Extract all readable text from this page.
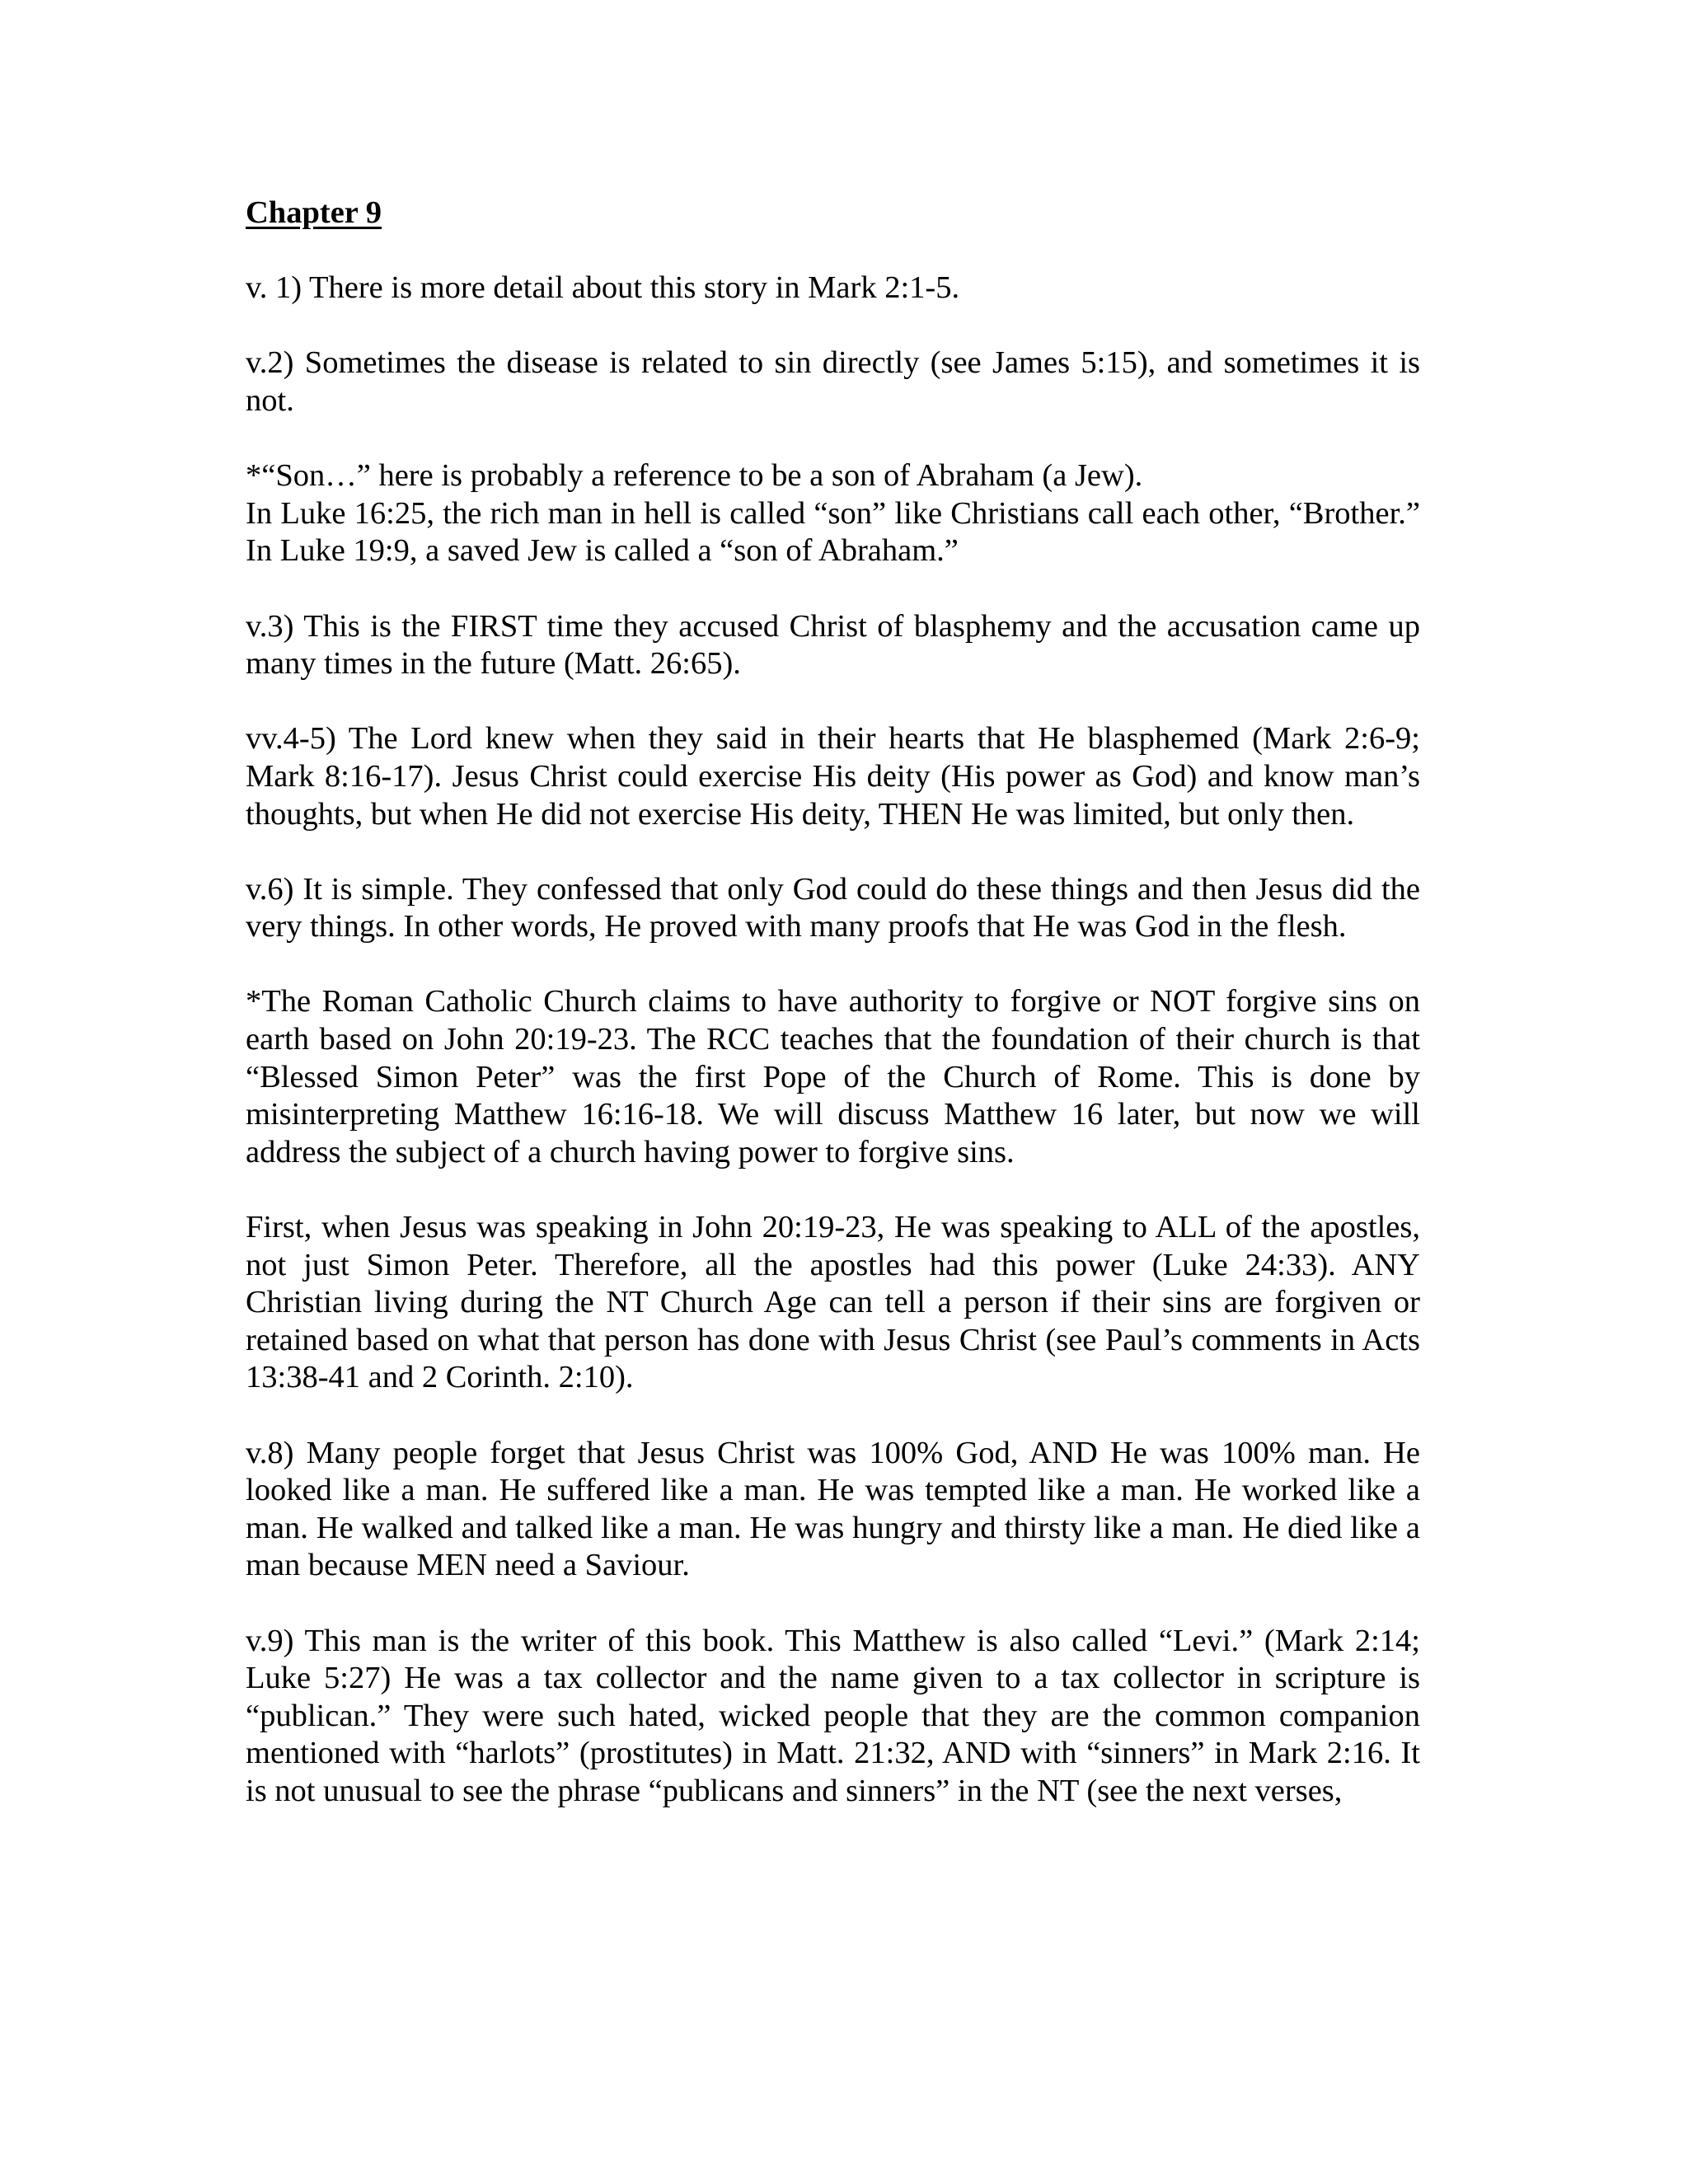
Chapter 9

v. 1) There is more detail about this story in Mark 2:1-5.

v.2) Sometimes the disease is related to sin directly (see James 5:15), and sometimes it is not.

*“Son…” here is probably a reference to be a son of Abraham (a Jew).

In Luke 16:25, the rich man in hell is called “son” like Christians call each other, “Brother.” In Luke 19:9, a saved Jew is called a “son of Abraham.”

v.3) This is the FIRST time they accused Christ of blasphemy and the accusation came up many times in the future (Matt. 26:65).

vv.4-5) The Lord knew when they said in their hearts that He blasphemed (Mark 2:6-9; Mark 8:16-17). Jesus Christ could exercise His deity (His power as God) and know man’s thoughts, but when He did not exercise His deity, THEN He was limited, but only then.

v.6) It is simple. They confessed that only God could do these things and then Jesus did the very things. In other words, He proved with many proofs that He was God in the flesh.

*The Roman Catholic Church claims to have authority to forgive or NOT forgive sins on earth based on John 20:19-23. The RCC teaches that the foundation of their church is that “Blessed Simon Peter” was the first Pope of the Church of Rome. This is done by misinterpreting Matthew 16:16-18. We will discuss Matthew 16 later, but now we will address the subject of a church having power to forgive sins.

First, when Jesus was speaking in John 20:19-23, He was speaking to ALL of the apostles, not just Simon Peter. Therefore, all the apostles had this power (Luke 24:33). ANY Christian living during the NT Church Age can tell a person if their sins are forgiven or retained based on what that person has done with Jesus Christ (see Paul’s comments in Acts 13:38-41 and 2 Corinth. 2:10).

v.8) Many people forget that Jesus Christ was 100% God, AND He was 100% man. He looked like a man. He suffered like a man. He was tempted like a man. He worked like a man. He walked and talked like a man. He was hungry and thirsty like a man. He died like a man because MEN need a Saviour.

v.9) This man is the writer of this book. This Matthew is also called “Levi.” (Mark 2:14; Luke 5:27) He was a tax collector and the name given to a tax collector in scripture is “publican.” They were such hated, wicked people that they are the common companion mentioned with “harlots” (prostitutes) in Matt. 21:32, AND with “sinners” in Mark 2:16. It is not unusual to see the phrase “publicans and sinners” in the NT (see the next verses,
